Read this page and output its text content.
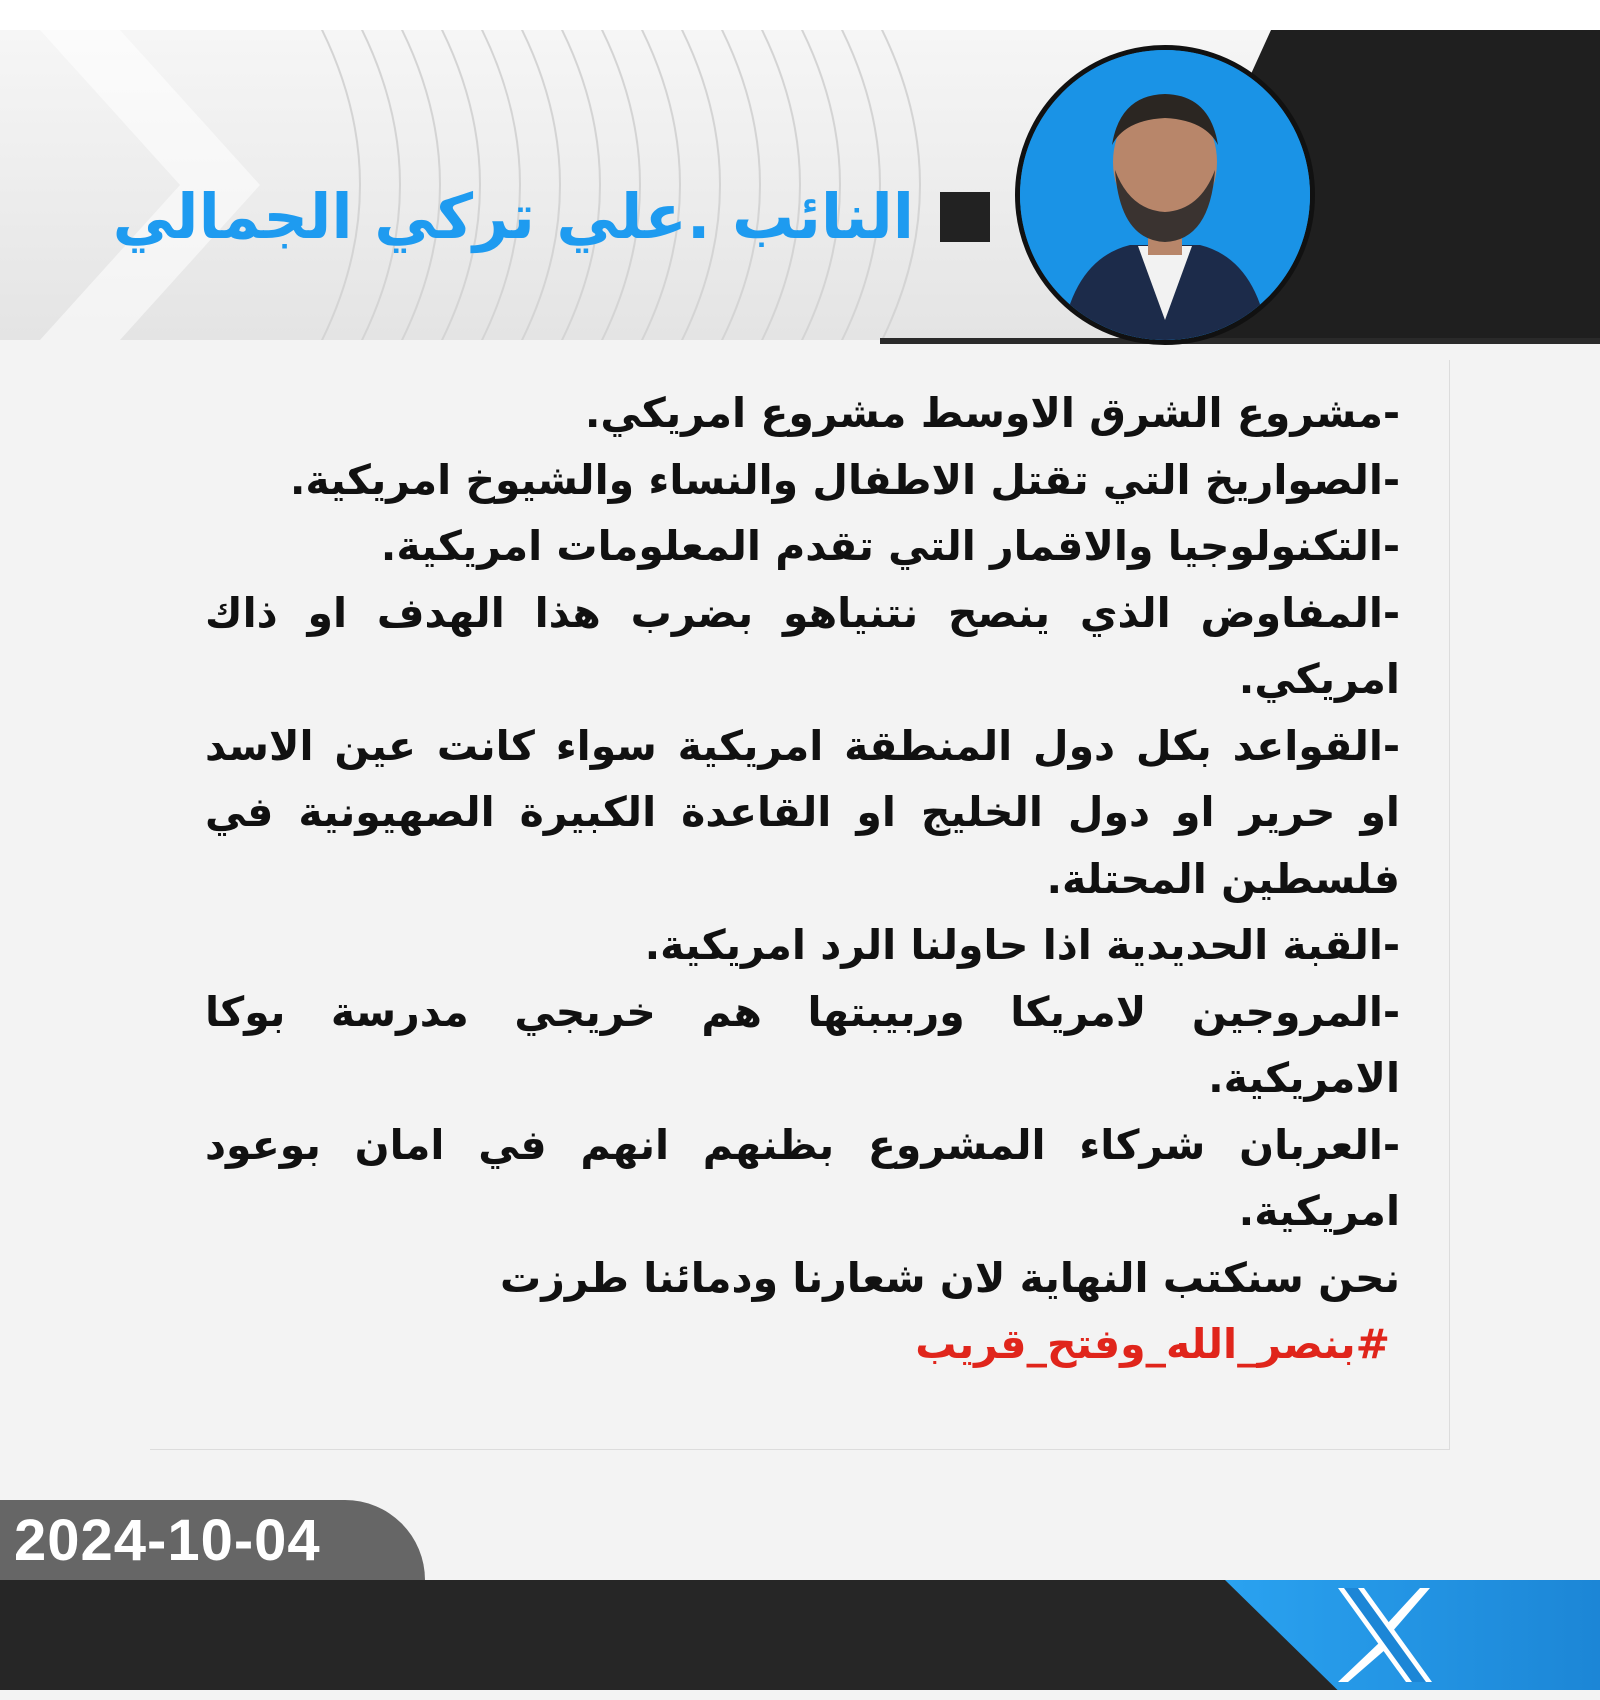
النائب .علي تركي الجمالي

-مشروع الشرق الاوسط مشروع امريكي.

-الصواريخ التي تقتل الاطفال والنساء والشيوخ امريكية.

-التكنولوجيا والاقمار التي تقدم المعلومات امريكية.

-المفاوض الذي ينصح نتنياهو بضرب هذا الهدف او ذاك امريكي.

-القواعد بكل دول المنطقة امريكية سواء كانت عين الاسد او حرير او دول الخليج او القاعدة الكبيرة الصهيونية في فلسطين المحتلة.

-القبة الحديدية اذا حاولنا الرد امريكية.

-المروجين لامريكا وربيبتها هم خريجي مدرسة بوكا الامريكية.

-العربان شركاء المشروع بظنهم انهم في امان بوعود امريكية.

نحن سنكتب النهاية لان شعارنا ودمائنا طرزت

#بنصر_الله_وفتح_قريب

2024-10-04
